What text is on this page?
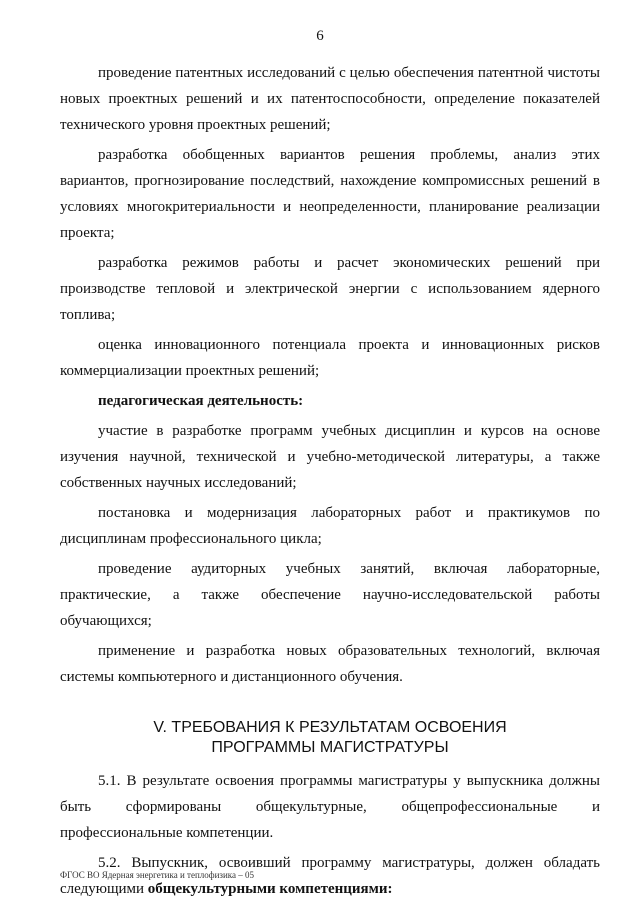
6

проведение патентных исследований с целью обеспечения патентной чистоты новых проектных решений и их патентоспособности, определение показателей технического уровня проектных решений;

разработка обобщенных вариантов решения проблемы, анализ этих вариантов, прогнозирование последствий, нахождение компромиссных решений в условиях многокритериальности и неопределенности, планирование реализации проекта;

разработка режимов работы и расчет экономических решений при производстве тепловой и электрической энергии с использованием ядерного топлива;

оценка инновационного потенциала проекта и инновационных рисков коммерциализации проектных решений;

педагогическая деятельность:

участие в разработке программ учебных дисциплин и курсов на основе изучения научной, технической и учебно-методической литературы, а также собственных научных исследований;

постановка и модернизация лабораторных работ и практикумов по дисциплинам профессионального цикла;

проведение аудиторных учебных занятий, включая лабораторные, практические, а также обеспечение научно-исследовательской работы обучающихся;

применение и разработка новых образовательных технологий, включая системы компьютерного и дистанционного обучения.

V. ТРЕБОВАНИЯ К РЕЗУЛЬТАТАМ ОСВОЕНИЯ
ПРОГРАММЫ МАГИСТРАТУРЫ

5.1. В результате освоения программы магистратуры у выпускника должны быть сформированы общекультурные, общепрофессиональные и профессиональные компетенции.

5.2. Выпускник, освоивший программу магистратуры, должен обладать следующими общекультурными компетенциями:

ФГОС ВО Ядерная энергетика и теплофизика – 05
